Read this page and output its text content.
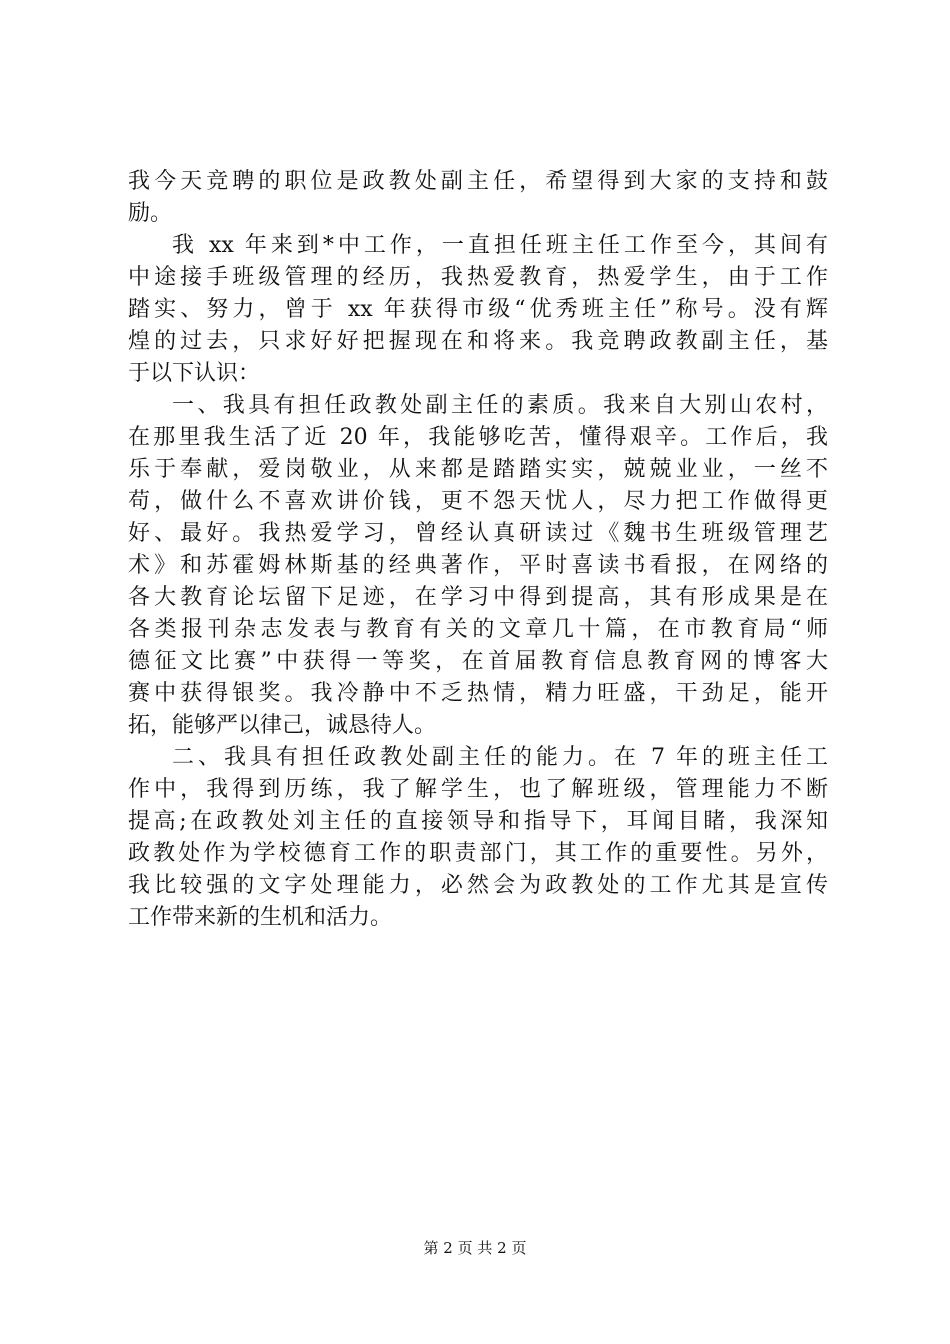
我今天竞聘的职位是政教处副主任，希望得到大家的支持和鼓
励。
我 xx 年来到*中工作，一直担任班主任工作至今，其间有
中途接手班级管理的经历，我热爱教育，热爱学生，由于工作
踏实、努力，曾于 xx 年获得市级“优秀班主任”称号。没有辉
煌的过去，只求好好把握现在和将来。我竞聘政教副主任，基
于以下认识：
一、我具有担任政教处副主任的素质。我来自大别山农村，
在那里我生活了近 20 年，我能够吃苦，懂得艰辛。工作后，我
乐于奉献，爱岗敬业，从来都是踏踏实实，兢兢业业，一丝不
苟，做什么不喜欢讲价钱，更不怨天忧人，尽力把工作做得更
好、最好。我热爱学习，曾经认真研读过《魏书生班级管理艺
术》和苏霍姆林斯基的经典著作，平时喜读书看报，在网络的
各大教育论坛留下足迹，在学习中得到提高，其有形成果是在
各类报刊杂志发表与教育有关的文章几十篇，在市教育局“师
德征文比赛”中获得一等奖，在首届教育信息教育网的博客大
赛中获得银奖。我冷静中不乏热情，精力旺盛，干劲足，能开
拓，能够严以律己，诚恳待人。
二、我具有担任政教处副主任的能力。在 7 年的班主任工
作中，我得到历练，我了解学生，也了解班级，管理能力不断
提高;在政教处刘主任的直接领导和指导下，耳闻目睹，我深知
政教处作为学校德育工作的职责部门，其工作的重要性。另外，
我比较强的文字处理能力，必然会为政教处的工作尤其是宣传
工作带来新的生机和活力。
第 2 页 共 2 页
